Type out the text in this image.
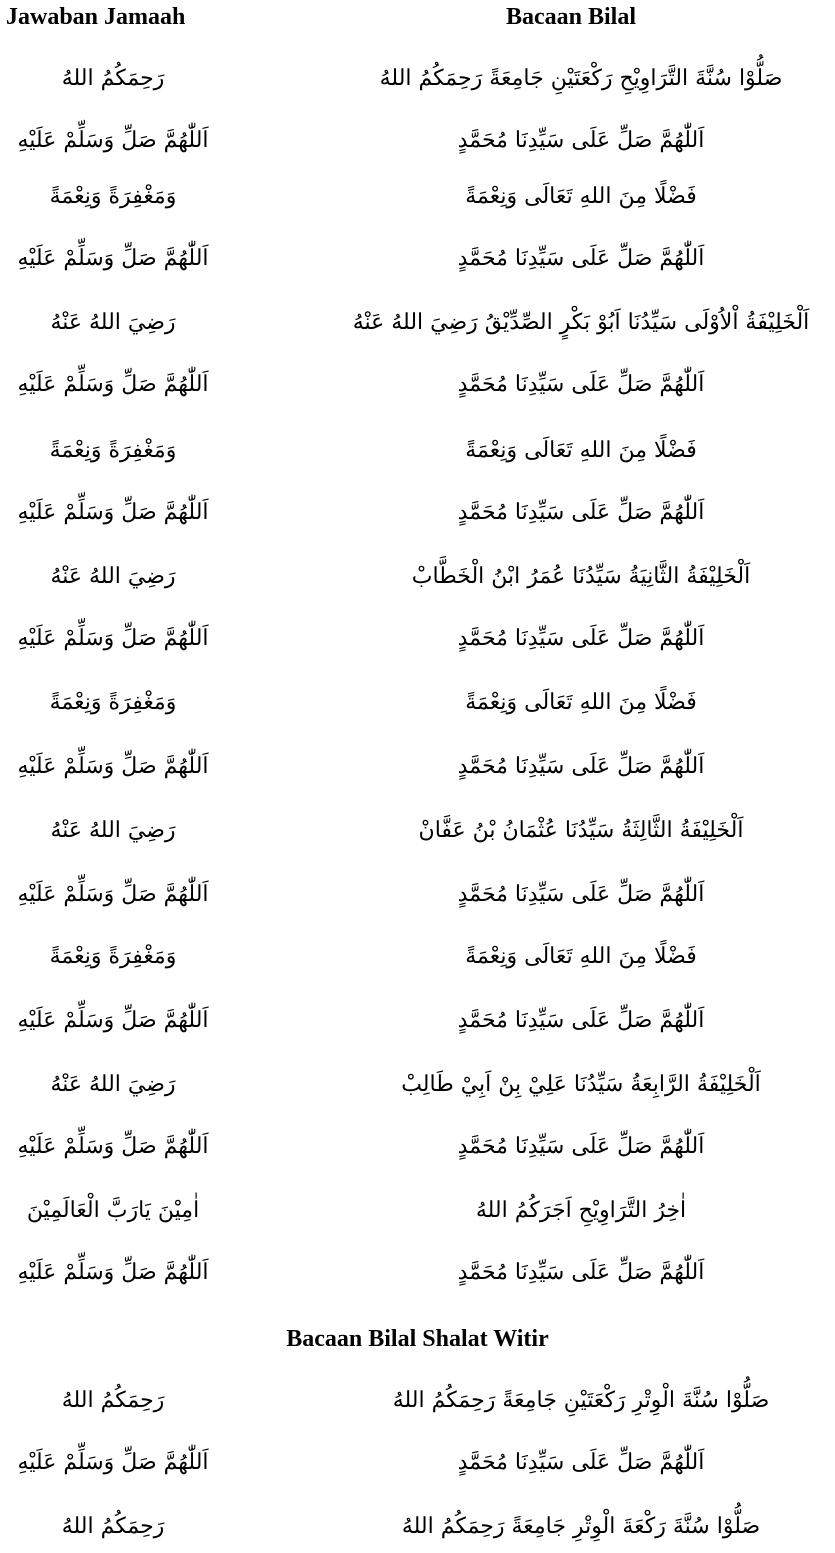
Jawaban Jamaah	Bacaan Bilal
رَحِمَكُمُ اللهُ	صَلُّوْا سُنَّةَ التَّرَاوِيْحِ رَكْعَتَيْنِ جَامِعَةً رَحِمَكُمُ اللهُ
اَللّٰهُمَّ صَلِّ وَسَلِّمْ عَلَيْهِ	اَللّٰهُمَّ صَلِّ عَلَى سَيِّدِنَا مُحَمَّدٍ
وَمَغْفِرَةً وَنِعْمَةً	فَضْلًا مِنَ اللهِ تَعَالَى وَنِعْمَةً
اَللّٰهُمَّ صَلِّ وَسَلِّمْ عَلَيْهِ	اَللّٰهُمَّ صَلِّ عَلَى سَيِّدِنَا مُحَمَّدٍ
رَضِيَ اللهُ عَنْهُ	اَلْخَلِيْفَةُ اْلاُوْلَى سَيِّدُنَا اَبُوْ بَكْرٍ الصِّدِّيْقُ رَضِيَ اللهُ عَنْهُ
اَللّٰهُمَّ صَلِّ وَسَلِّمْ عَلَيْهِ	اَللّٰهُمَّ صَلِّ عَلَى سَيِّدِنَا مُحَمَّدٍ
وَمَغْفِرَةً وَنِعْمَةً	فَضْلًا مِنَ اللهِ تَعَالَى وَنِعْمَةً
اَللّٰهُمَّ صَلِّ وَسَلِّمْ عَلَيْهِ	اَللّٰهُمَّ صَلِّ عَلَى سَيِّدِنَا مُحَمَّدٍ
رَضِيَ اللهُ عَنْهُ	اَلْخَلِيْفَةُ الثَّانِيَةُ سَيِّدُنَا عُمَرُ ابْنُ الْخَطَّابْ
اَللّٰهُمَّ صَلِّ وَسَلِّمْ عَلَيْهِ	اَللّٰهُمَّ صَلِّ عَلَى سَيِّدِنَا مُحَمَّدٍ
وَمَغْفِرَةً وَنِعْمَةً	فَضْلًا مِنَ اللهِ تَعَالَى وَنِعْمَةً
اَللّٰهُمَّ صَلِّ وَسَلِّمْ عَلَيْهِ	اَللّٰهُمَّ صَلِّ عَلَى سَيِّدِنَا مُحَمَّدٍ
رَضِيَ اللهُ عَنْهُ	اَلْخَلِيْفَةُ الثَّالِثَةُ سَيِّدُنَا عُثْمَانُ بْنُ عَفَّانْ
اَللّٰهُمَّ صَلِّ وَسَلِّمْ عَلَيْهِ	اَللّٰهُمَّ صَلِّ عَلَى سَيِّدِنَا مُحَمَّدٍ
وَمَغْفِرَةً وَنِعْمَةً	فَضْلًا مِنَ اللهِ تَعَالَى وَنِعْمَةً
اَللّٰهُمَّ صَلِّ وَسَلِّمْ عَلَيْهِ	اَللّٰهُمَّ صَلِّ عَلَى سَيِّدِنَا مُحَمَّدٍ
رَضِيَ اللهُ عَنْهُ	اَلْخَلِيْفَةُ الرَّابِعَةُ سَيِّدُنَا عَلِيْ بِنْ اَبِيْ طَالِبْ
اَللّٰهُمَّ صَلِّ وَسَلِّمْ عَلَيْهِ	اَللّٰهُمَّ صَلِّ عَلَى سَيِّدِنَا مُحَمَّدٍ
اٰمِيْنَ يَارَبَّ الْعَالَمِيْنَ	اٰخِرُ التَّرَاوِيْحِ اَجَرَكُمُ اللهُ
اَللّٰهُمَّ صَلِّ وَسَلِّمْ عَلَيْهِ	اَللّٰهُمَّ صَلِّ عَلَى سَيِّدِنَا مُحَمَّدٍ
Bacaan Bilal Shalat Witir
رَحِمَكُمُ اللهُ	صَلُّوْا سُنَّةَ الْوِتْرِ رَكْعَتَيْنِ جَامِعَةً رَحِمَكُمُ اللهُ
اَللّٰهُمَّ صَلِّ وَسَلِّمْ عَلَيْهِ	اَللّٰهُمَّ صَلِّ عَلَى سَيِّدِنَا مُحَمَّدٍ
رَحِمَكُمُ اللهُ	صَلُّوْا سُنَّةَ رَكْعَةَ الْوِتْرِ جَامِعَةً رَحِمَكُمُ اللهُ
